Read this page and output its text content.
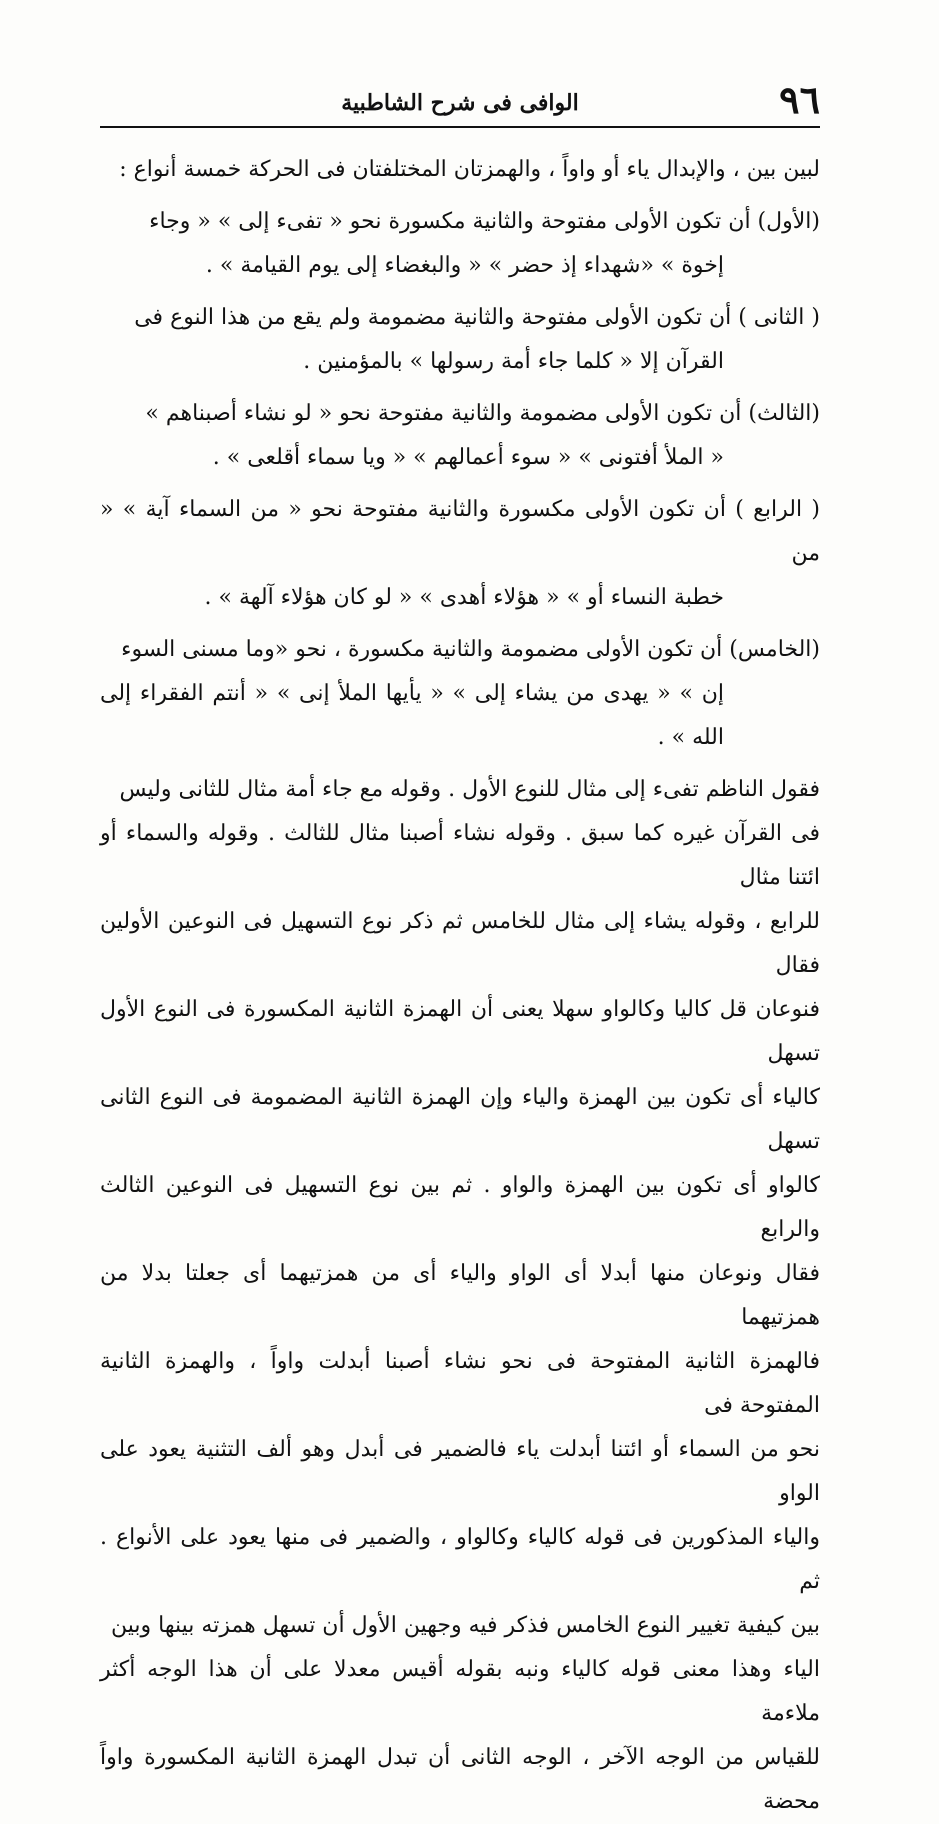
٩٦
الوافى فى شرح الشاطبية

لبين بين ، والإبدال ياء أو واواً ، والهمزتان المختلفتان فى الحركة خمسة أنواع :

(الأول) أن تكون الأولى مفتوحة والثانية مكسورة نحو « تفىء إلى » « وجاء
إخوة » «شهداء إذ حضر » « والبغضاء إلى يوم القيامة » .
( الثانى ) أن تكون الأولى مفتوحة والثانية مضمومة ولم يقع من هذا النوع فى
القرآن إلا « كلما جاء أمة رسولها » بالمؤمنين .
(الثالث) أن تكون الأولى مضمومة والثانية مفتوحة نحو « لو نشاء أصبناهم »
« الملأ أفتونى » « سوء أعمالهم » « ويا سماء أقلعى » .
( الرابع ) أن تكون الأولى مكسورة والثانية مفتوحة نحو « من السماء آية » « من
خطبة النساء أو » « هؤلاء أهدى » « لو كان هؤلاء آلهة » .
(الخامس) أن تكون الأولى مضمومة والثانية مكسورة ، نحو «وما مسنى السوء
إن » « يهدى من يشاء إلى » « يأيها الملأ إنى » « أنتم الفقراء إلى الله » .

فقول الناظم تفىء إلى مثال للنوع الأول . وقوله مع جاء أمة مثال للثانى وليس

فى القرآن غيره كما سبق . وقوله نشاء أصبنا مثال للثالث . وقوله والسماء أو ائتنا مثال

للرابع ، وقوله يشاء إلى مثال للخامس ثم ذكر نوع التسهيل فى النوعين الأولين فقال

فنوعان قل كاليا وكالواو سهلا يعنى أن الهمزة الثانية المكسورة فى النوع الأول تسهل

كالياء أى تكون بين الهمزة والياء وإن الهمزة الثانية المضمومة فى النوع الثانى تسهل

كالواو أى تكون بين الهمزة والواو . ثم بين نوع التسهيل فى النوعين الثالث والرابع

فقال ونوعان منها أبدلا أى الواو والياء أى من همزتيهما أى جعلتا بدلا من همزتيهما

فالهمزة الثانية المفتوحة فى نحو نشاء أصبنا أبدلت واواً ، والهمزة الثانية المفتوحة فى

نحو من السماء أو ائتنا أبدلت ياء فالضمير فى أبدل وهو ألف التثنية يعود على الواو

والياء المذكورين فى قوله كالياء وكالواو ، والضمير فى منها يعود على الأنواع . ثم

بين كيفية تغيير النوع الخامس فذكر فيه وجهين الأول أن تسهل همزته بينها وبين

الياء وهذا معنى قوله كالياء ونبه بقوله أقيس معدلا على أن هذا الوجه أكثر ملاءمة

للقياس من الوجه الآخر ، الوجه الثانى أن تبدل الهمزة الثانية المكسورة واواً محضة
